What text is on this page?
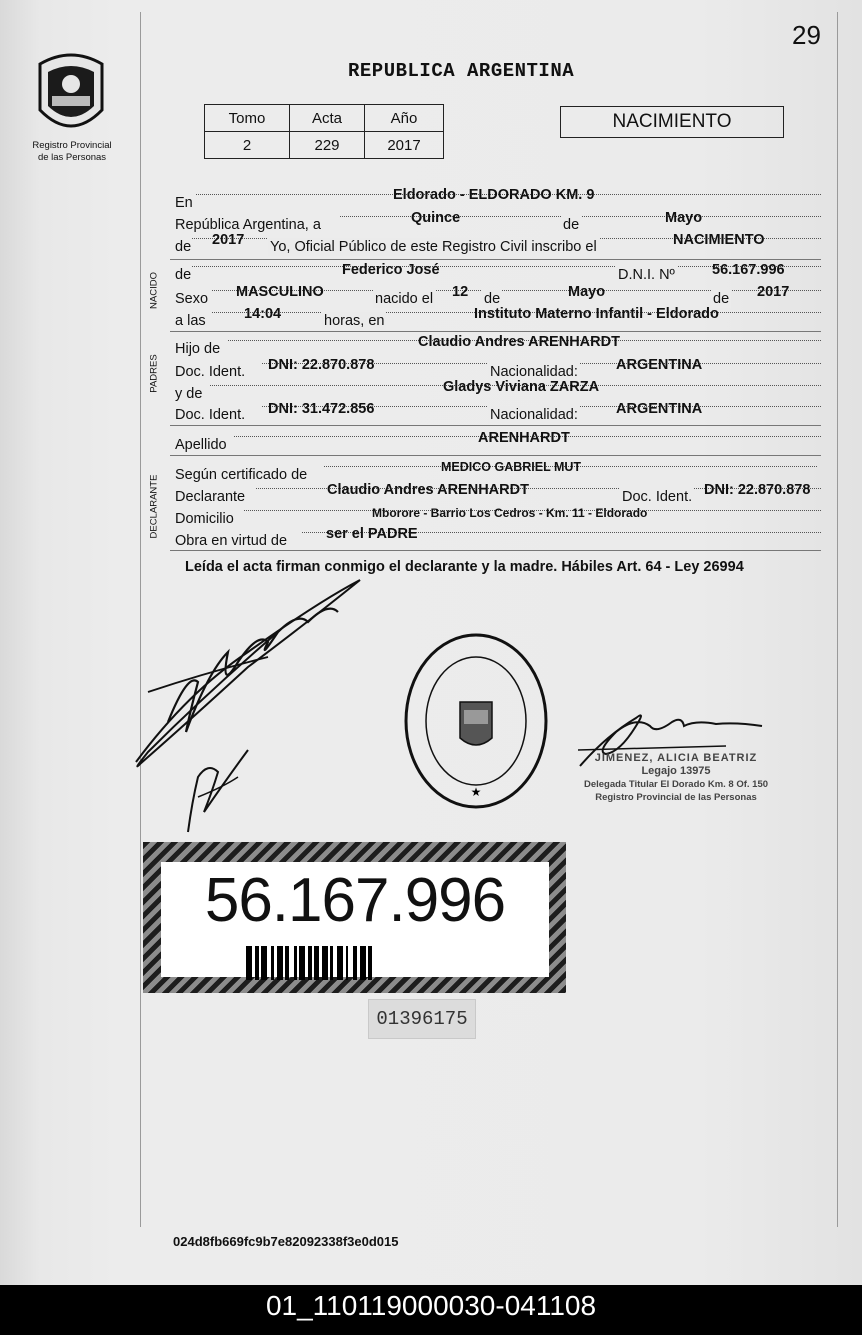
29
Registro Provincial
de las Personas
REPUBLICA ARGENTINA
Tomo	Acta	Año
2	229	2017
NACIMIENTO
En	Eldorado - ELDORADO KM. 9
República Argentina, a	Quince	de	Mayo
de 2017 Yo, Oficial Público de este Registro Civil inscribo el	NACIMIENTO
NACIDO de	Federico José	D.N.I. Nº	56.167.996
Sexo MASCULINO	nacido el 12 de	Mayo	de 2017
a las	14:04	horas, en	Instituto Materno Infantil - Eldorado
PADRES
Hijo de	Claudio Andres ARENHARDT
Doc. Ident. DNI: 22.870.878	Nacionalidad:	ARGENTINA
y de	Gladys Viviana ZARZA
Doc. Ident. DNI: 31.472.856	Nacionalidad:	ARGENTINA
Apellido	ARENHARDT
DECLARANTE Según certificado de	MEDICO GABRIEL MUT
Declarante	Claudio Andres ARENHARDT	Doc. Ident. DNI: 22.870.878
Domicilio	Mborore - Barrio Los Cedros - Km. 11 - Eldorado
Obra en virtud de	ser el PADRE
Leída el acta firman conmigo el declarante y la madre. Hábiles Art. 64 - Ley 26994
★
JIMENEZ, ALICIA BEATRIZ
Legajo 13975
Delegada Titular El Dorado Km. 8 Of. 150
Registro Provincial de las Personas
56.167.996
01396175
024d8fb669fc9b7e82092338f3e0d015
01_110119000030-041108
